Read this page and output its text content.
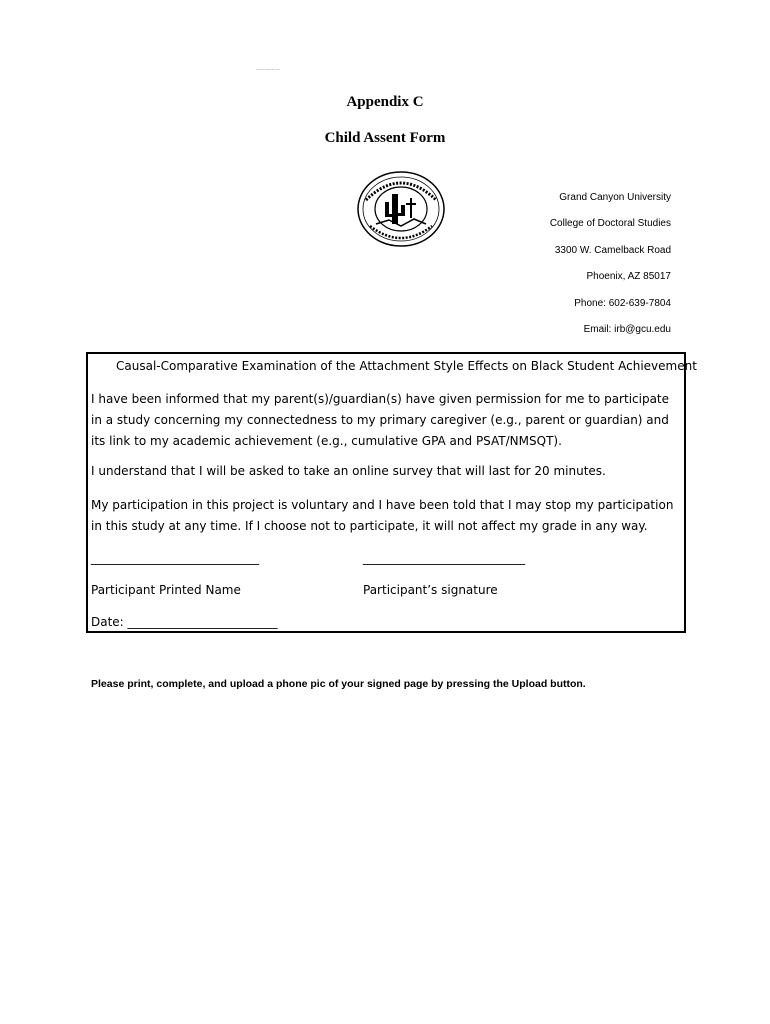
Appendix C
Child Assent Form
GRAND CANYON UNIVERSITY PHOENIX, ARIZONA
Grand Canyon University
College of Doctoral Studies
3300 W. Camelback Road
Phoenix, AZ 85017
Phone: 602-639-7804
Email: irb@gcu.edu
Causal-Comparative Examination of the Attachment Style Effects on Black Student Achievement
I have been informed that my parent(s)/guardian(s) have given permission for me to participate in a study concerning my connectedness to my primary caregiver (e.g., parent or guardian) and its link to my academic achievement (e.g., cumulative GPA and PSAT/NMSQT).
I understand that I will be asked to take an online survey that will last for 20 minutes.
My participation in this project is voluntary and I have been told that I may stop my participation in this study at any time. If I choose not to participate, it will not affect my grade in any way.
____________________________	___________________________
Participant Printed Name	Participant’s signature
Date: _________________________
Please print, complete, and upload a phone pic of your signed page by pressing the Upload button.
